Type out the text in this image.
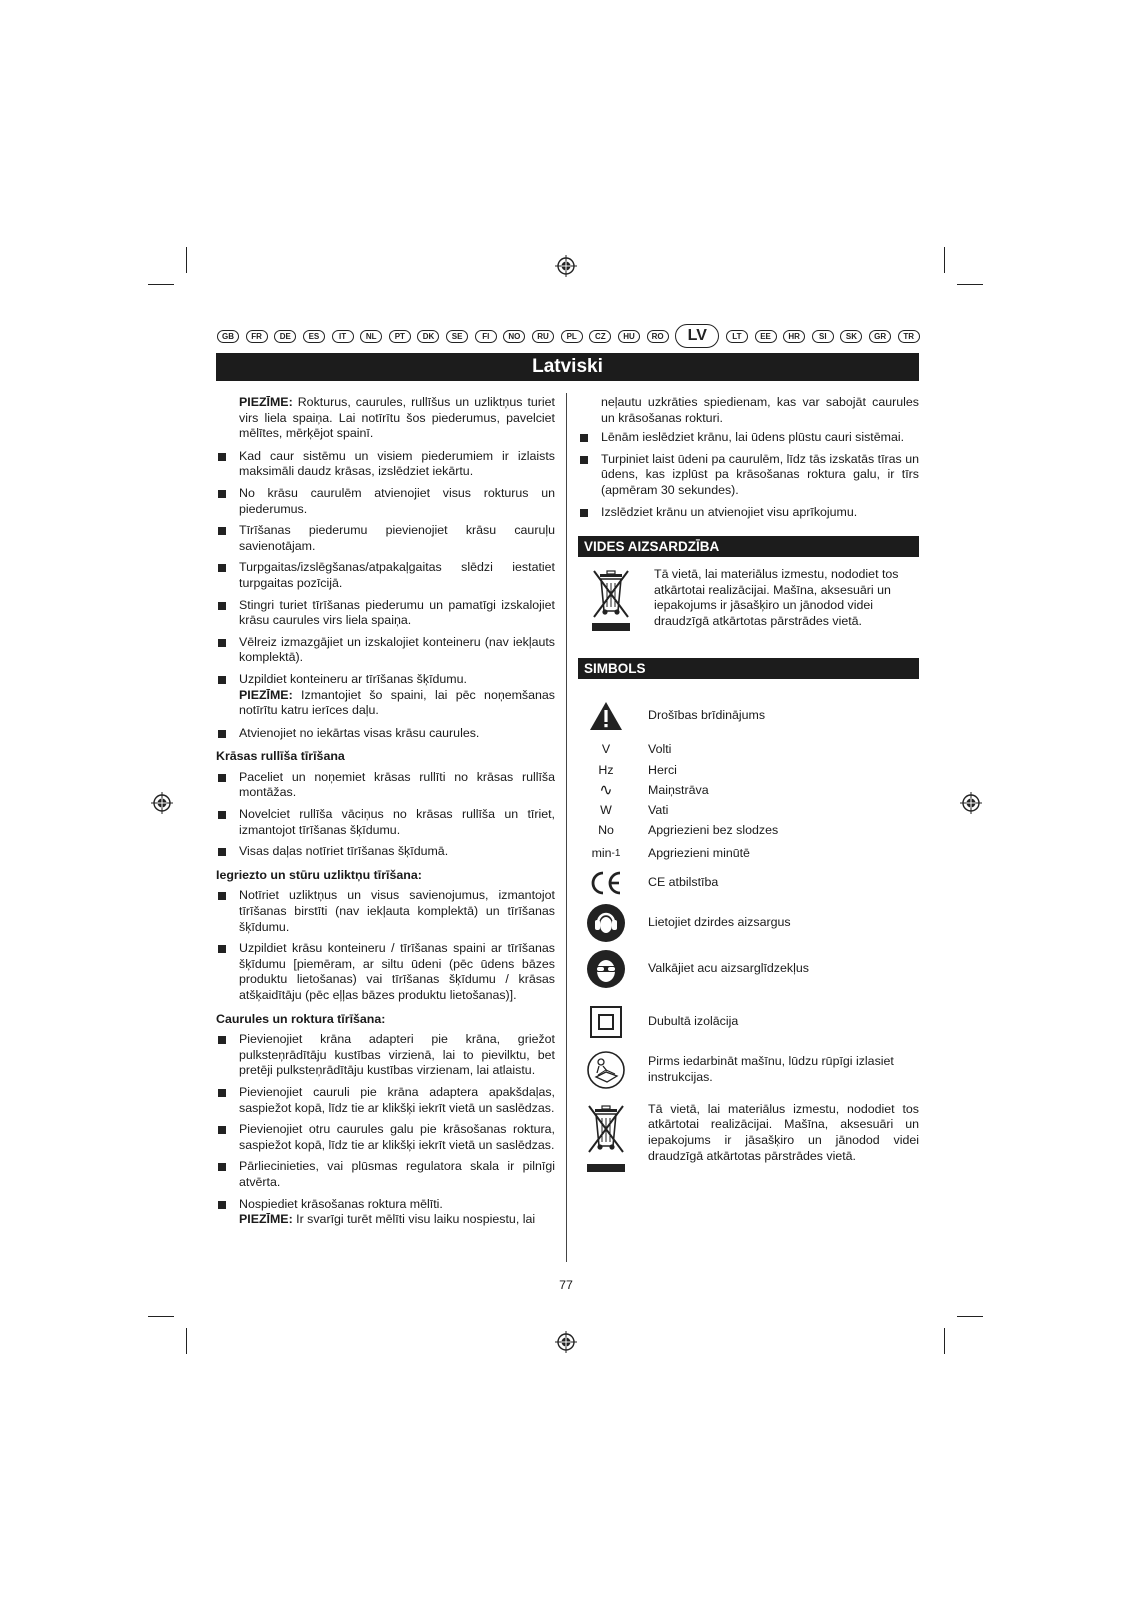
GB	FR	DE	ES	IT	NL	PT	DK	SE	FI	NO	RU	PL	CZ	HU	RO	LV	LT	EE	HR	SI	SK	GR	TR
Latviski

PIEZĪME: Rokturus, caurules, rullīšus un uzliktņus turiet virs liela spaiņa. Lai notīrītu šos piederumus, pavelciet mēlītes, mērķējot spainī.

Kad caur sistēmu un visiem piederumiem ir izlaists maksimāli daudz krāsas, izslēdziet iekārtu.
No krāsu caurulēm atvienojiet visus rokturus un piederumus.
Tīrīšanas piederumu pievienojiet krāsu cauruļu savienotājam.
Turpgaitas/izslēgšanas/atpakaļgaitas slēdzi iestatiet turpgaitas pozīcijā.
Stingri turiet tīrīšanas piederumu un pamatīgi izskalojiet krāsu caurules virs liela spaiņa.
Vēlreiz izmazgājiet un izskalojiet konteineru (nav iekļauts komplektā).
Uzpildiet konteineru ar tīrīšanas šķīdumu.

PIEZĪME: Izmantojiet šo spaini, lai pēc noņemšanas notīrītu katru ierīces daļu.

Atvienojiet no iekārtas visas krāsu caurules.
Krāsas rullīša tīrīšana
Paceliet un noņemiet krāsas rullīti no krāsas rullīša montāžas.
Novelciet rullīša vāciņus no krāsas rullīša un tīriet, izmantojot tīrīšanas šķīdumu.
Visas daļas notīriet tīrīšanas šķīdumā.
Iegriezto un stūru uzliktņu tīrīšana:
Notīriet uzliktņus un visus savienojumus, izmantojot tīrīšanas birstīti (nav iekļauta komplektā) un tīrīšanas šķīdumu.
Uzpildiet krāsu konteineru / tīrīšanas spaini ar tīrīšanas šķīdumu [piemēram, ar siltu ūdeni (pēc ūdens bāzes produktu lietošanas) vai tīrīšanas šķīdumu / krāsas atšķaidītāju (pēc eļļas bāzes produktu lietošanas)].
Caurules un roktura tīrīšana:
Pievienojiet krāna adapteri pie krāna, griežot pulksteņrādītāju kustības virzienā, lai to pievilktu, bet pretēji pulksteņrādītāju kustības virzienam, lai atlaistu.
Pievienojiet cauruli pie krāna adaptera apakšdaļas, saspiežot kopā, līdz tie ar klikšķi iekrīt vietā un saslēdzas.
Pievienojiet otru caurules galu pie krāsošanas roktura, saspiežot kopā, līdz tie ar klikšķi iekrīt vietā un saslēdzas.
Pārliecinieties, vai plūsmas regulatora skala ir pilnīgi atvērta.
Nospiediet krāsošanas roktura mēlīti.

PIEZĪME: Ir svarīgi turēt mēlīti visu laiku nospiestu, lai

neļautu uzkrāties spiedienam, kas var sabojāt caurules un krāsošanas rokturi.

Lēnām ieslēdziet krānu, lai ūdens plūstu cauri sistēmai.
Turpiniet laist ūdeni pa caurulēm, līdz tās izskatās tīras un ūdens, kas izplūst pa krāsošanas roktura galu, ir tīrs (apmēram 30 sekundes).
Izslēdziet krānu un atvienojiet visu aprīkojumu.
VIDES AIZSARDZĪBA
Tā vietā, lai materiālus izmestu, nododiet tos atkārtotai realizācijai. Mašīna, aksesuāri un iepakojums ir jāsašķiro un jānodod videi draudzīgā atkārtotas pārstrādes vietā.
SIMBOLS
Drošības brīdinājums
V	Volti
Hz	Herci
∿	Maiņstrāva
W	Vati
No	Apgriezieni bez slodzes
min -1 Apgriezieni minūtē
CE atbilstība
Lietojiet dzirdes aizsargus
Valkājiet acu aizsarglīdzekļus
Dubultā izolācija
Pirms iedarbināt mašīnu, lūdzu rūpīgi izlasiet instrukcijas.
Tā vietā, lai materiālus izmestu, nododiet tos atkārtotai realizācijai. Mašīna, aksesuāri un iepakojums ir jāsašķiro un jānodod videi draudzīgā atkārtotas pārstrādes vietā.
77
